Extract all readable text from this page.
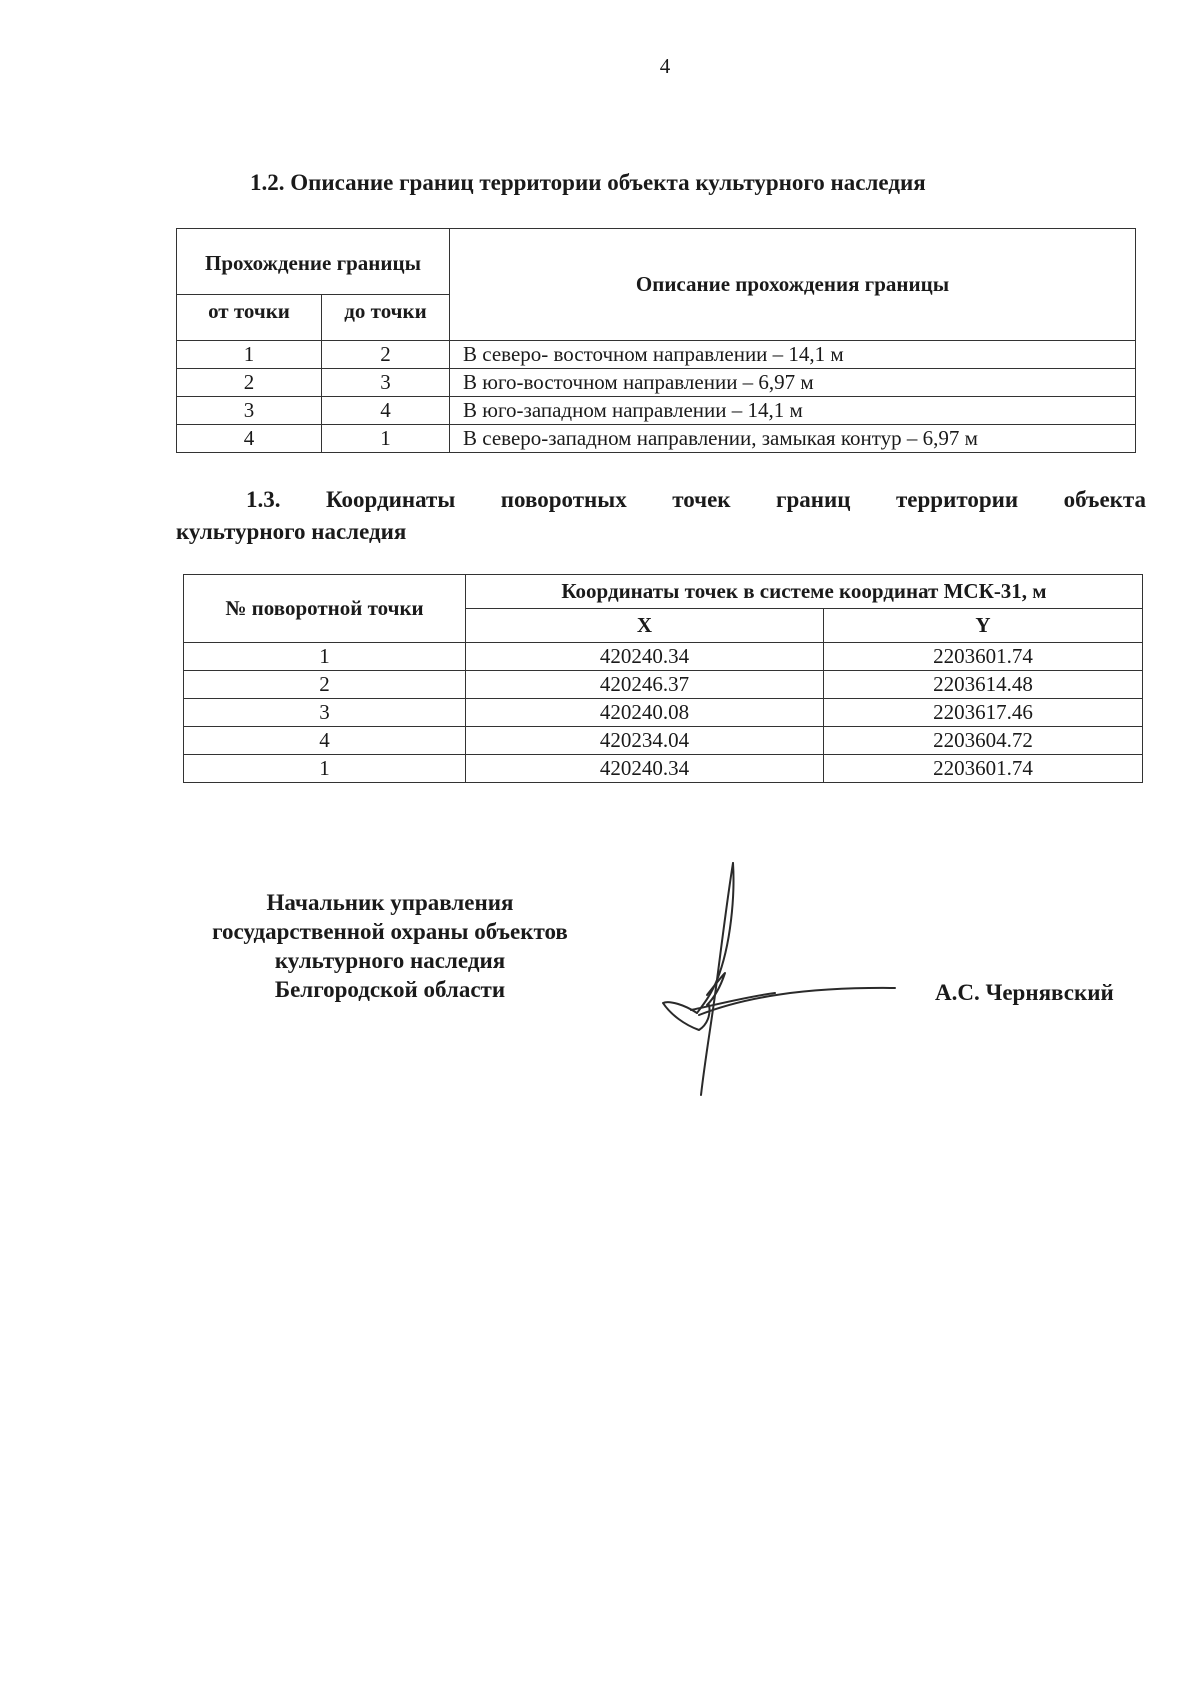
4
1.2. Описание границ территории объекта культурного наследия
Прохождение границы		Описание прохождения границы
от точки	до точки	
1	2	В северо- восточном направлении – 14,1 м
2	3	В юго-восточном направлении – 6,97 м
3	4	В юго-западном направлении – 14,1 м
4	1	В северо-западном направлении, замыкая контур – 6,97 м
1.3. Координаты поворотных точек границ территории объекта
культурного наследия
№ поворотной точки	Координаты точек в системе координат МСК-31, м	
	X	Y
1	420240.34	2203601.74
2	420246.37	2203614.48
3	420240.08	2203617.46
4	420234.04	2203604.72
1	420240.34	2203601.74
Начальник управления
государственной охраны объектов
культурного наследия
Белгородской области	А.С. Чернявский
